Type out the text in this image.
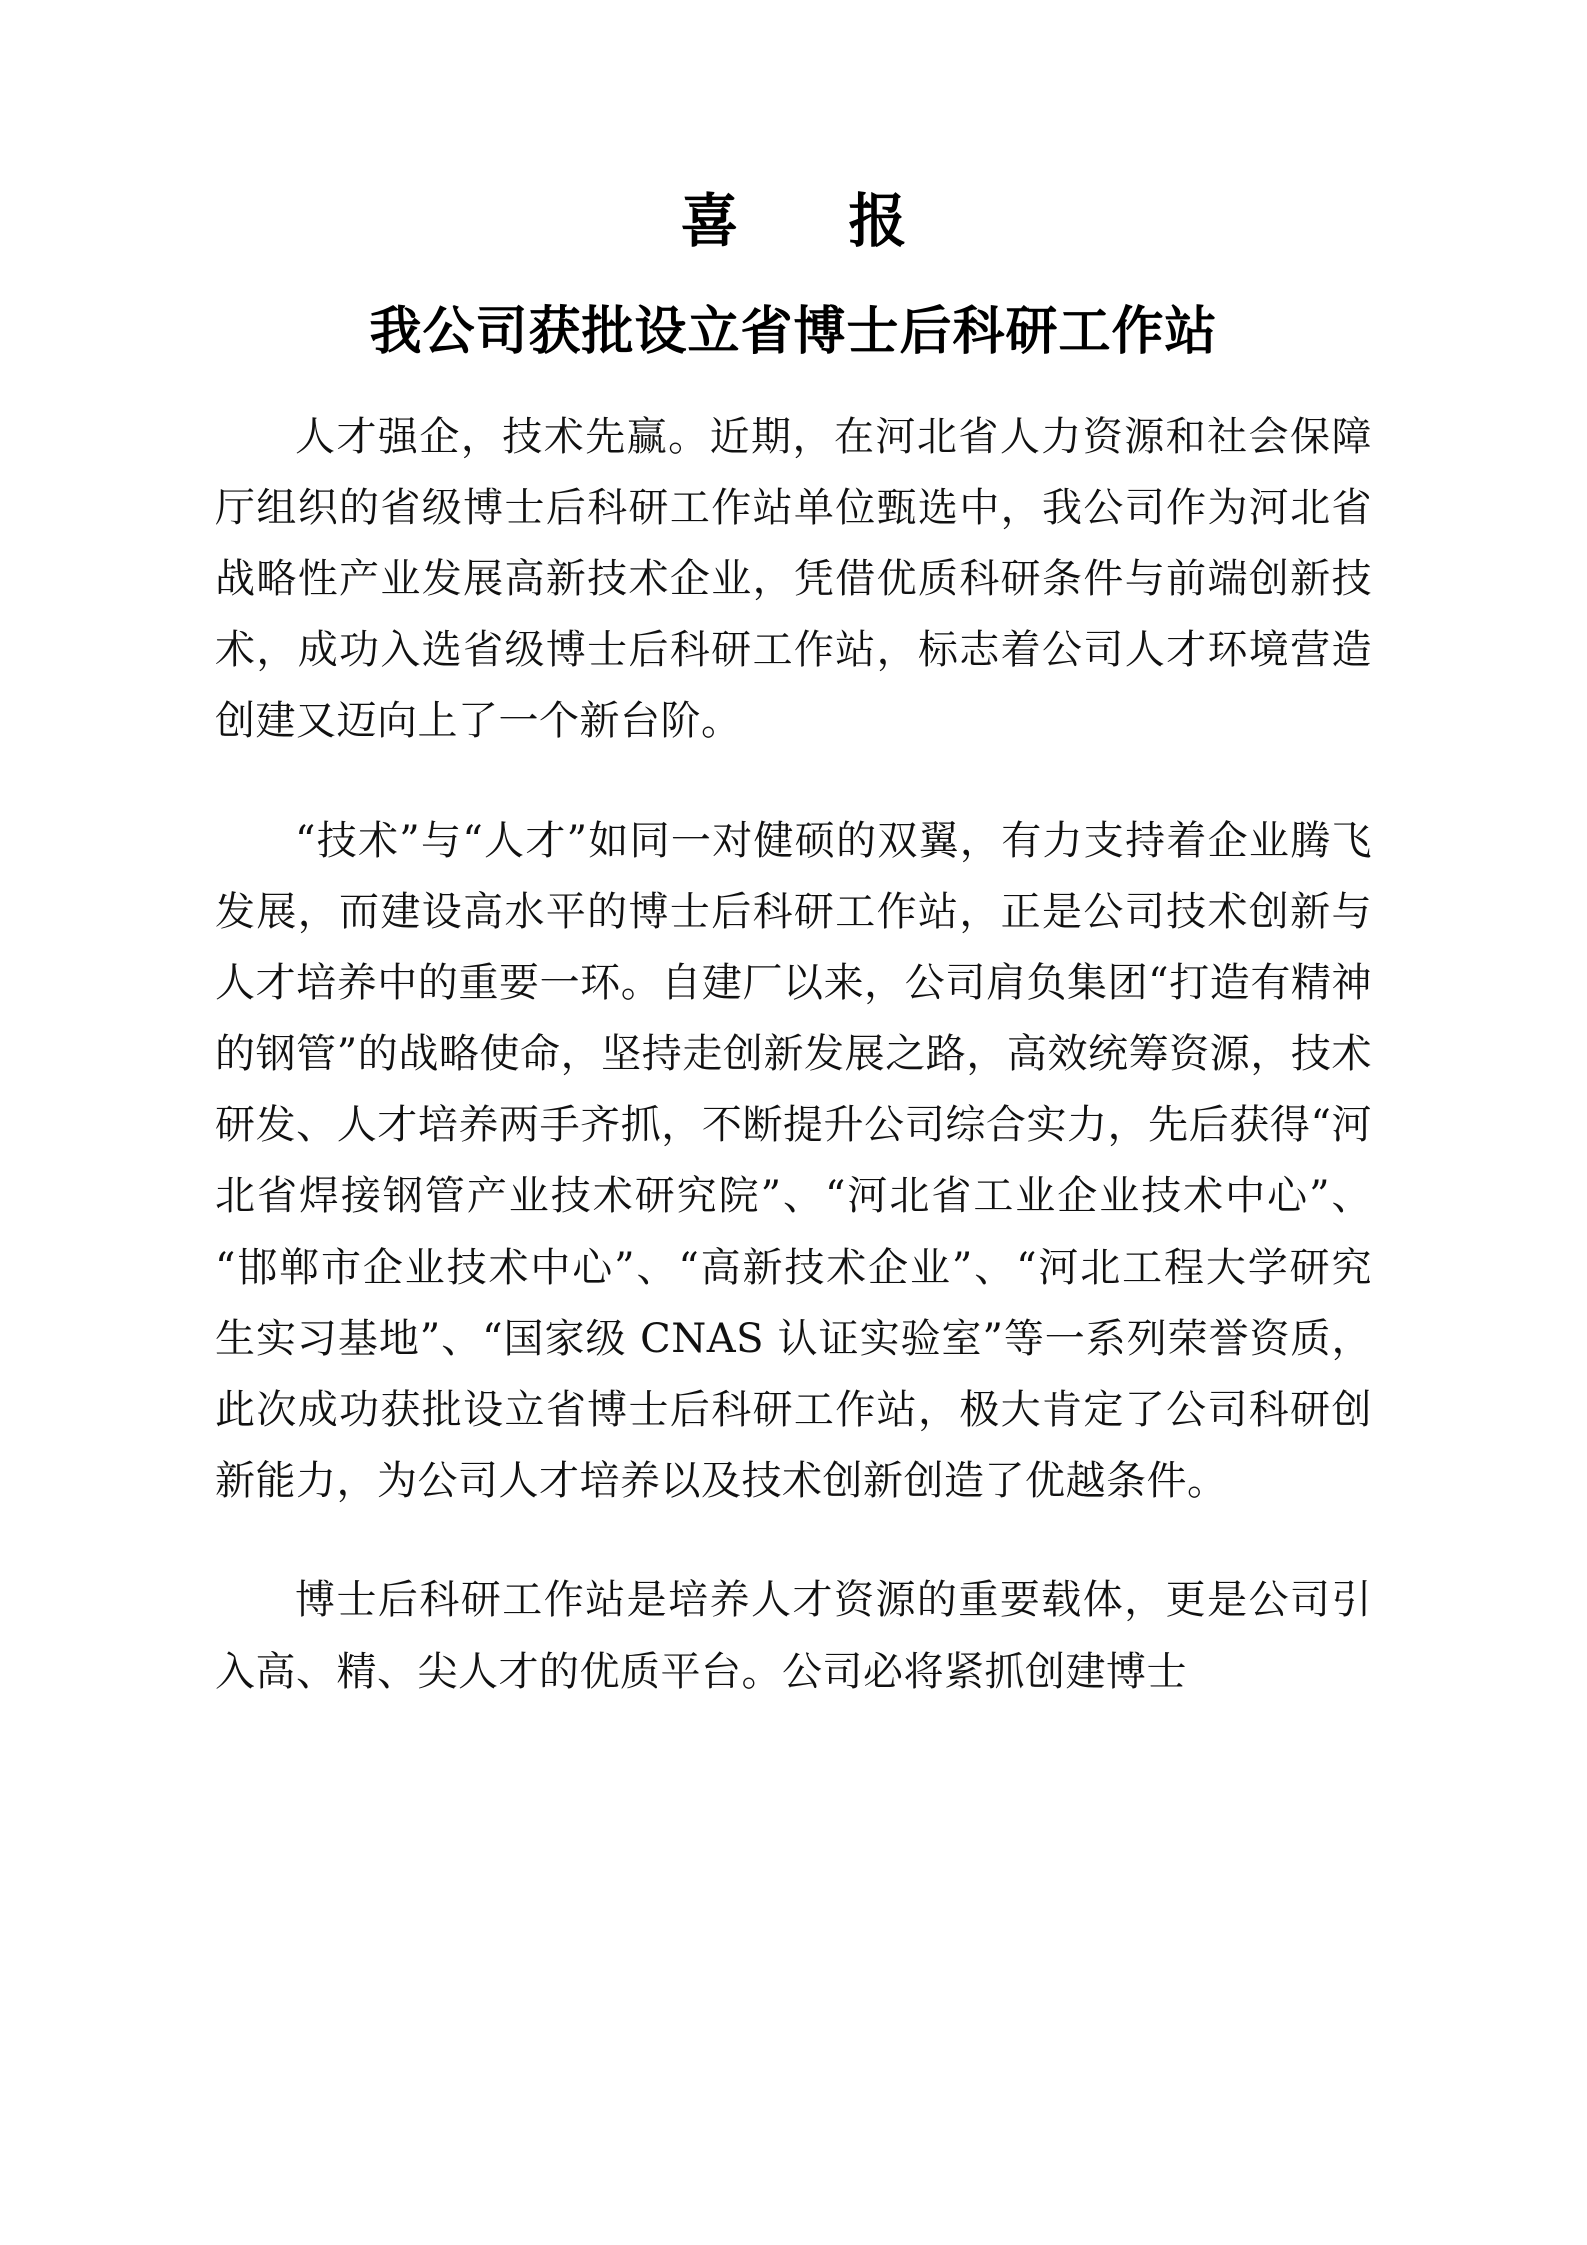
喜　报
我公司获批设立省博士后科研工作站

人才强企，技术先赢。近期，在河北省人力资源和社会保障厅组织的省级博士后科研工作站单位甄选中，我公司作为河北省战略性产业发展高新技术企业，凭借优质科研条件与前端创新技术，成功入选省级博士后科研工作站，标志着公司人才环境营造创建又迈向上了一个新台阶。

“技术”与“人才”如同一对健硕的双翼，有力支持着企业腾飞发展，而建设高水平的博士后科研工作站，正是公司技术创新与人才培养中的重要一环。自建厂以来，公司肩负集团“打造有精神的钢管”的战略使命，坚持走创新发展之路，高效统筹资源，技术研发、人才培养两手齐抓，不断提升公司综合实力，先后获得“河北省焊接钢管产业技术研究院”、“河北省工业企业技术中心”、“邯郸市企业技术中心”、“高新技术企业”、“河北工程大学研究生实习基地”、“国家级 CNAS 认证实验室”等一系列荣誉资质，此次成功获批设立省博士后科研工作站，极大肯定了公司科研创新能力，为公司人才培养以及技术创新创造了优越条件。

博士后科研工作站是培养人才资源的重要载体，更是公司引入高、精、尖人才的优质平台。公司必将紧抓创建博士
